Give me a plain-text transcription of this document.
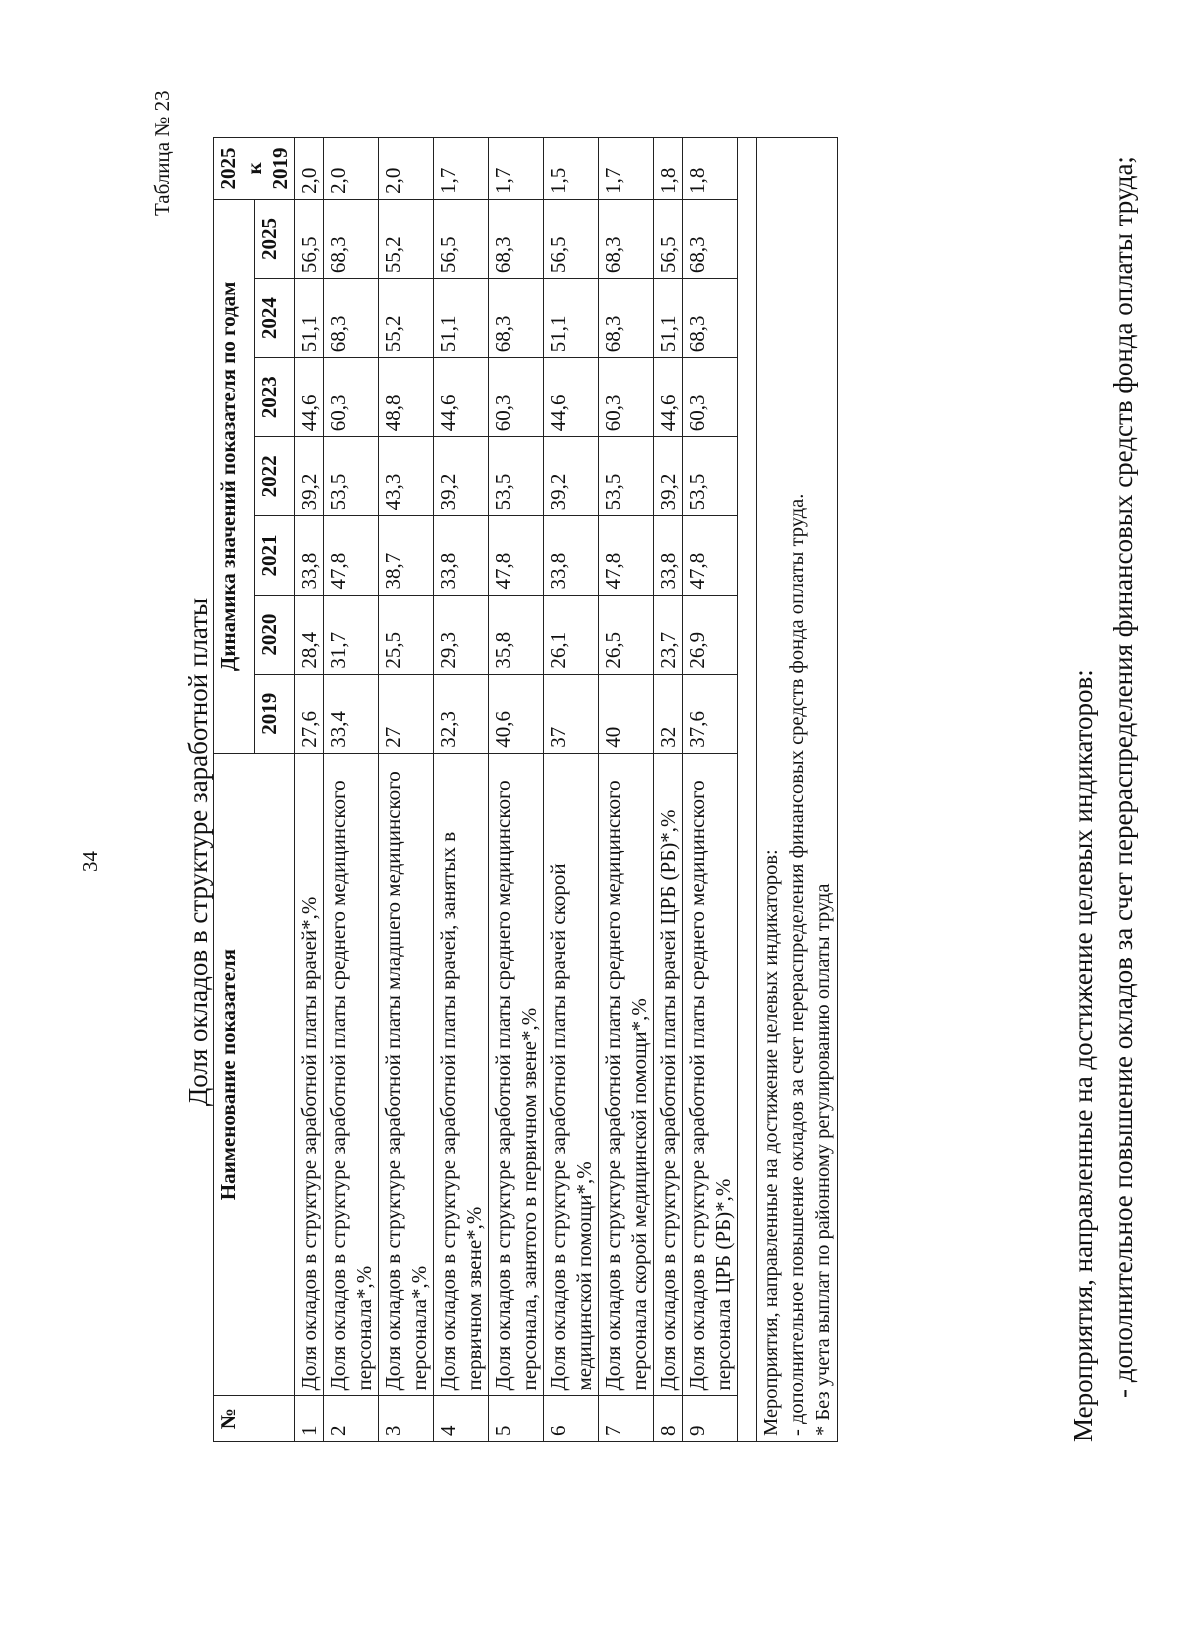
34
Таблица № 23
Доля окладов в структуре заработной платы
№	Наименование показателя	Динамика значений показателя по годам							2025 к 2019
		2019	2020	2021	2022	2023	2024	2025	
1	Доля окладов в структуре заработной платы врачей*,%	27,6	28,4	33,8	39,2	44,6	51,1	56,5	2,0
2	Доля окладов в структуре заработной платы среднего медицинского персонала*,%	33,4	31,7	47,8	53,5	60,3	68,3	68,3	2,0
3	Доля окладов в структуре заработной платы младшего медицинского персонала*,%	27	25,5	38,7	43,3	48,8	55,2	55,2	2,0
4	Доля окладов в структуре заработной платы врачей, занятых в первичном звене*,%	32,3	29,3	33,8	39,2	44,6	51,1	56,5	1,7
5	Доля окладов в структуре заработной платы среднего медицинского персонала, занятого в первичном звене*,%	40,6	35,8	47,8	53,5	60,3	68,3	68,3	1,7
6	Доля окладов в структуре заработной платы врачей скорой медицинской помощи*,%	37	26,1	33,8	39,2	44,6	51,1	56,5	1,5
7	Доля окладов в структуре заработной платы среднего медицинского персонала скорой медицинской помощи*,%	40	26,5	47,8	53,5	60,3	68,3	68,3	1,7
8	Доля окладов в структуре заработной платы врачей ЦРБ (РБ)*,%	32	23,7	33,8	39,2	44,6	51,1	56,5	1,8
9	Доля окладов в структуре заработной платы среднего медицинского персонала ЦРБ (РБ)*,%	37,6	26,9	47,8	53,5	60,3	68,3	68,3	1,8

Мероприятия, направленные на достижение целевых индикаторов: - дополнительное повышение окладов за счет перераспределения финансовых средств фонда оплаты труда. * Без учета выплат по районному регулированию оплаты труда										Мероприятия, направленные на достижение целевых индикаторов: - дополнительное повышение окладов за счет перераспределения финансовых средств фонда оплаты труда;
